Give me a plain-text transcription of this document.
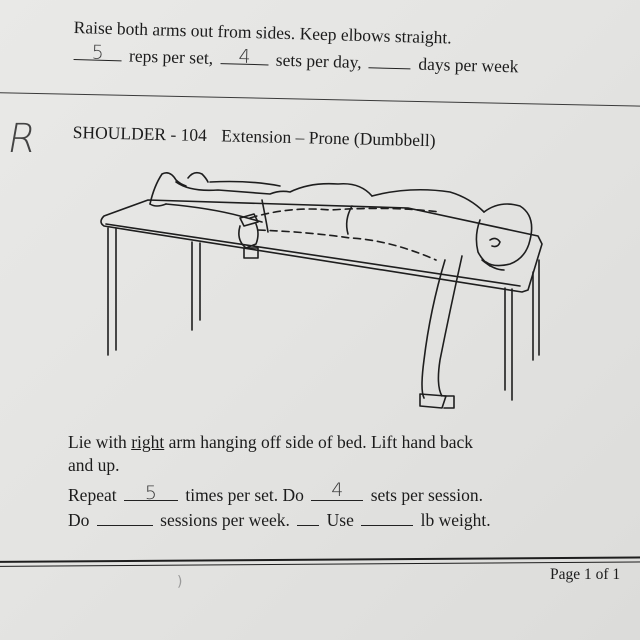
Raise both arms out from sides. Keep elbows straight.
5	reps per set,	4	sets per day,	days per week
R SHOULDER - 104 Extension – Prone (Dumbbell)
Lie with right arm hanging off side of bed. Lift hand back
and up.
Repeat	5	times per set. Do	4	sets per session.
Do	sessions per week. Use	lb weight.
Page 1 of 1
)
